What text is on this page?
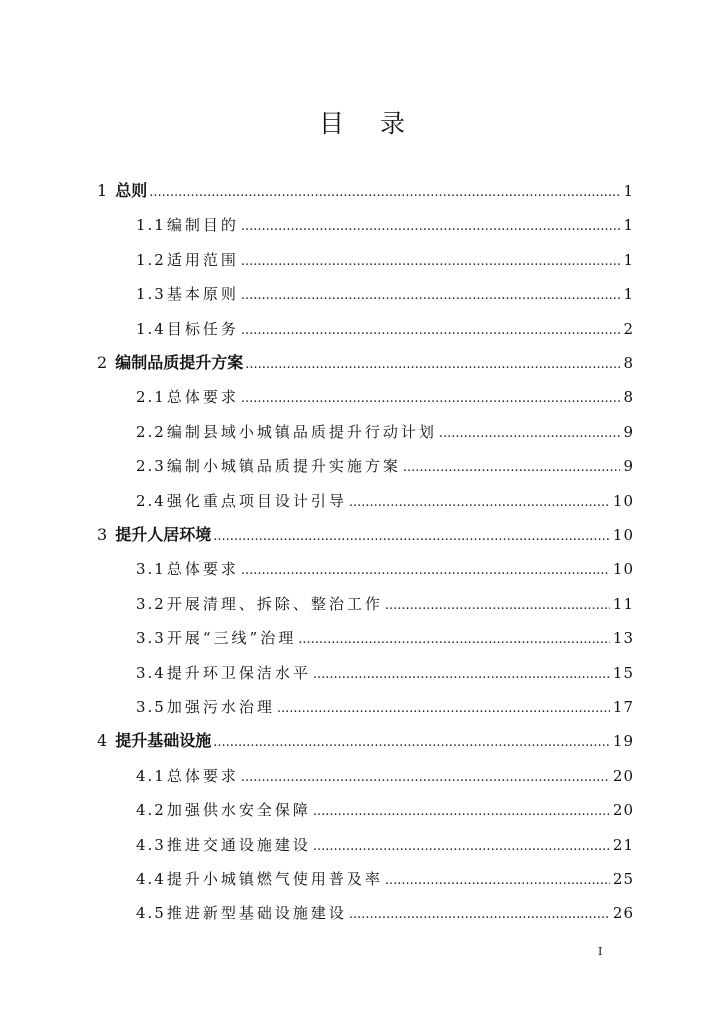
目 录
1 总则 .....	1
1.1 编制目的 .....	1
1.2 适用范围 .....	1
1.3 基本原则 .....	1
1.4 目标任务 .....	2
2 编制品质提升方案 .....	8
2.1 总体要求 .....	8
2.2 编制县域小城镇品质提升行动计划 .....	9
2.3 编制小城镇品质提升实施方案 .....	9
2.4 强化重点项目设计引导 .....	10
3 提升人居环境 .....	10
3.1 总体要求 .....	10
3.2 开展清理、拆除、整治工作 .....	11
3.3 开展“三线”治理 .....	13
3.4 提升环卫保洁水平 .....	15
3.5 加强污水治理 .....	17
4 提升基础设施 .....	19
4.1 总体要求 .....	20
4.2 加强供水安全保障 .....	20
4.3 推进交通设施建设 .....	21
4.4 提升小城镇燃气使用普及率 .....	25
4.5 推进新型基础设施建设 .....	26
I
